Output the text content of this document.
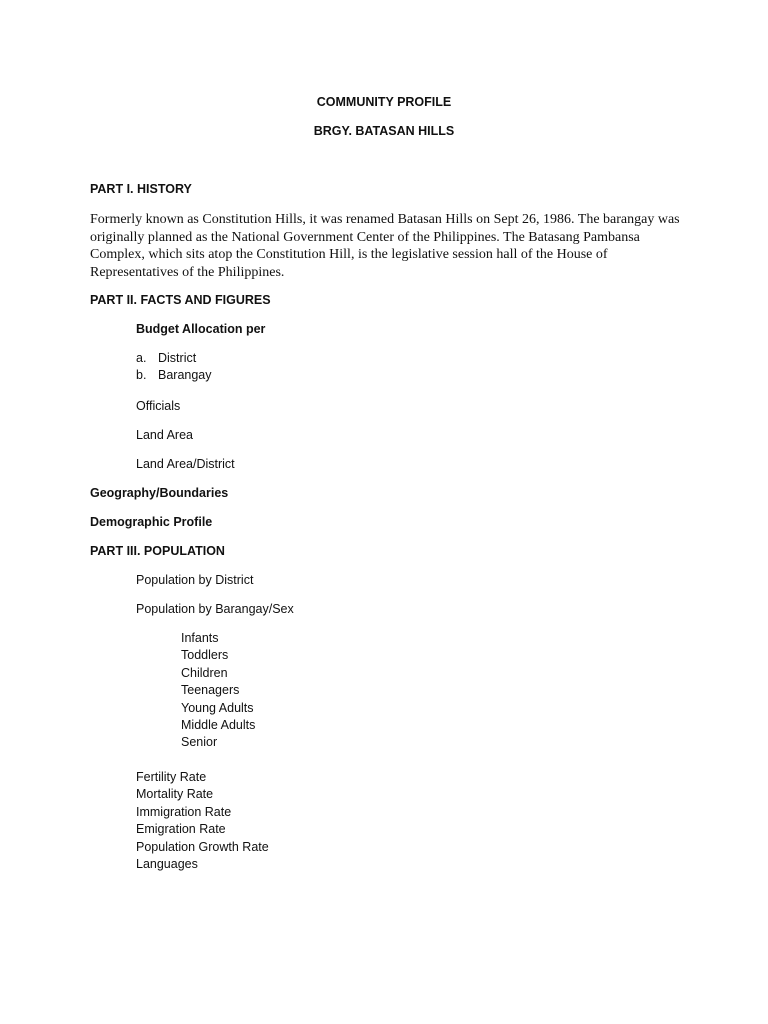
COMMUNITY PROFILE
BRGY. BATASAN HILLS
PART I. HISTORY
Formerly known as Constitution Hills, it was renamed Batasan Hills on Sept 26, 1986. The barangay was
originally planned as the National Government Center of the Philippines. The Batasang Pambansa
Complex, which sits atop the Constitution Hill, is the legislative session hall of the House of
Representatives of the Philippines.
PART II. FACTS AND FIGURES
Budget Allocation per
a. District
b. Barangay
Officials
Land Area
Land Area/District
Geography/Boundaries
Demographic Profile
PART III. POPULATION
Population by District
Population by Barangay/Sex
Infants
Toddlers
Children
Teenagers
Young Adults
Middle Adults
Senior
Fertility Rate
Mortality Rate
Immigration Rate
Emigration Rate
Population Growth Rate
Languages
